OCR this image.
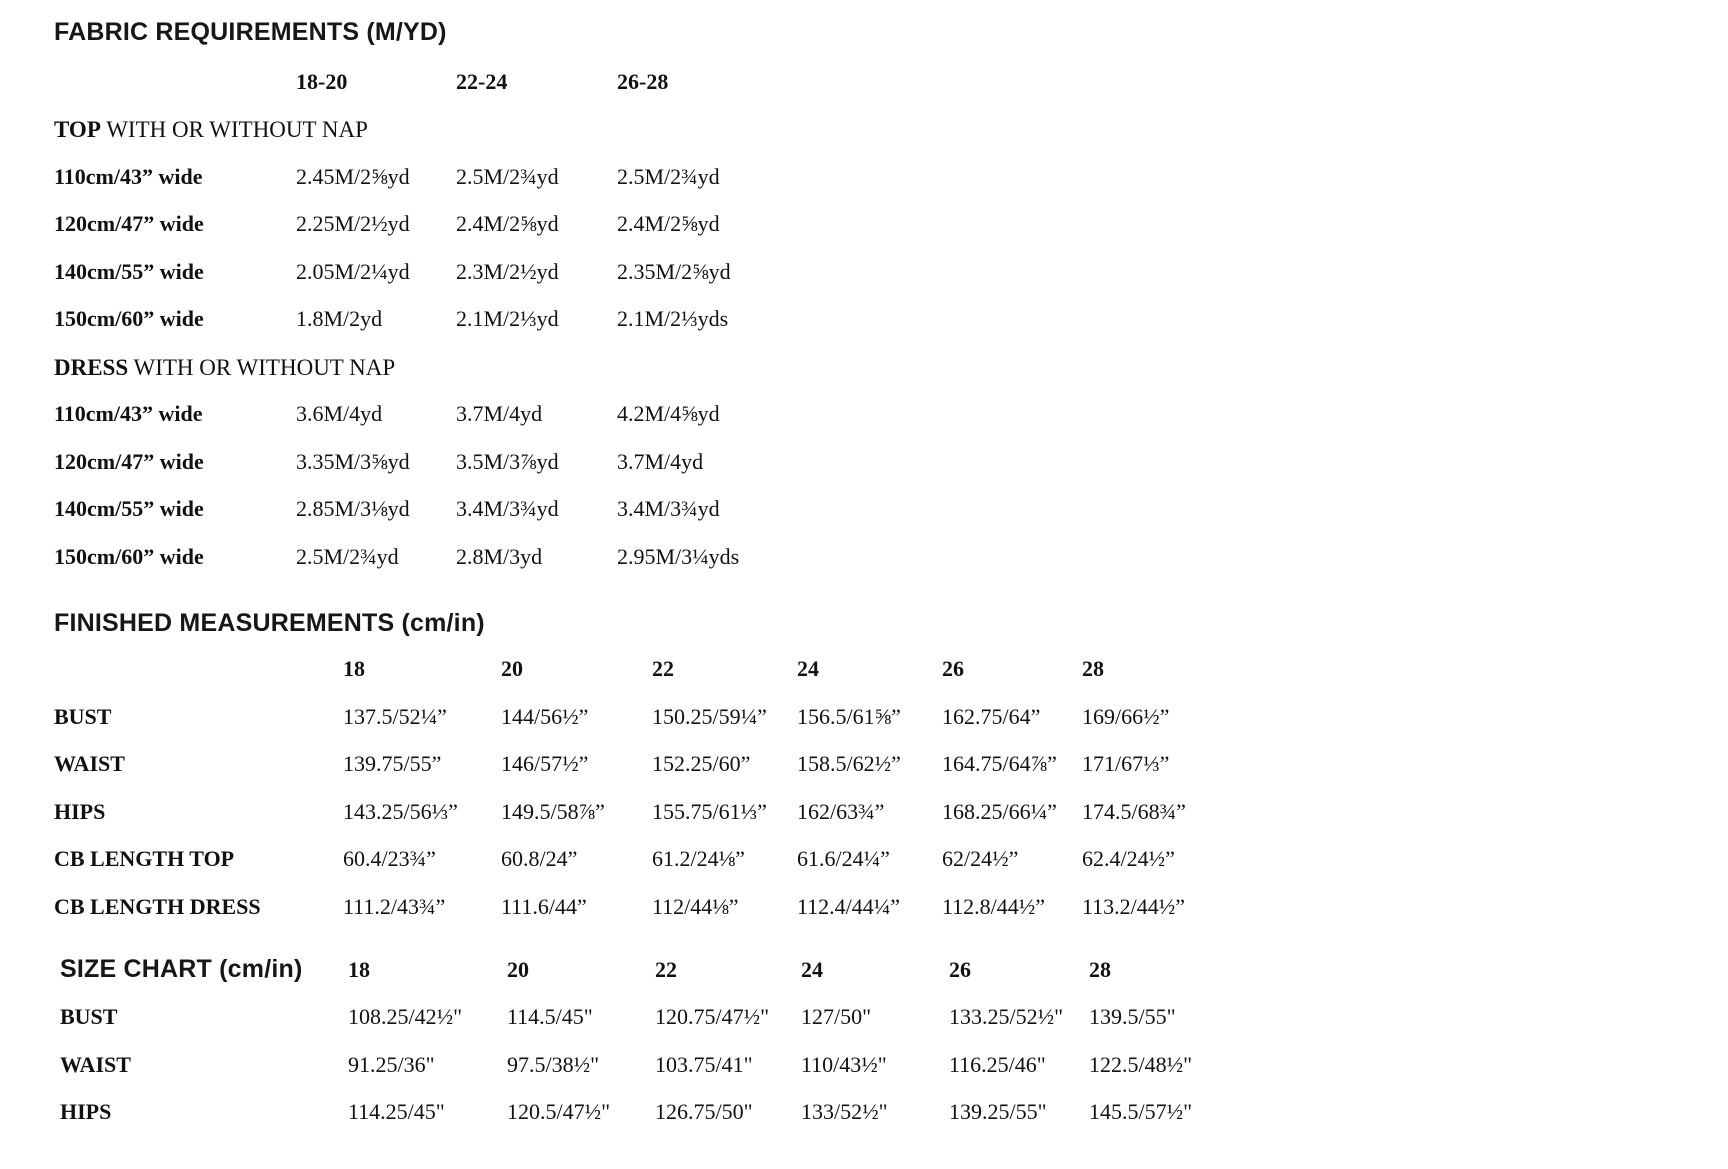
FABRIC REQUIREMENTS (M/YD)
18-20	22-24	26-28
TOP WITH OR WITHOUT NAP
110cm/43” wide	2.45M/2⅝yd	2.5M/2¾yd	2.5M/2¾yd
120cm/47” wide	2.25M/2½yd	2.4M/2⅝yd	2.4M/2⅝yd
140cm/55” wide	2.05M/2¼yd	2.3M/2½yd	2.35M/2⅝yd
150cm/60” wide	1.8M/2yd	2.1M/2⅓yd	2.1M/2⅓yds
DRESS WITH OR WITHOUT NAP
110cm/43” wide	3.6M/4yd	3.7M/4yd	4.2M/4⅝yd
120cm/47” wide	3.35M/3⅝yd	3.5M/3⅞yd	3.7M/4yd
140cm/55” wide	2.85M/3⅛yd	3.4M/3¾yd	3.4M/3¾yd
150cm/60” wide	2.5M/2¾yd	2.8M/3yd	2.95M/3¼yds
FINISHED MEASUREMENTS (cm/in)
18	20	22	24	26	28
BUST	137.5/52¼”	144/56½”	150.25/59¼”	156.5/61⅝”	162.75/64”	169/66½”
WAIST	139.75/55”	146/57½”	152.25/60”	158.5/62½”	164.75/64⅞”	171/67⅓”
HIPS	143.25/56⅓”	149.5/58⅞”	155.75/61⅓”	162/63¾”	168.25/66¼”	174.5/68¾”
CB LENGTH TOP	60.4/23¾”	60.8/24”	61.2/24⅛”	61.6/24¼”	62/24½”	62.4/24½”
CB LENGTH DRESS	111.2/43¾”	111.6/44”	112/44⅛”	112.4/44¼”	112.8/44½”	113.2/44½”
SIZE CHART (cm/in)	18	20	22	24	26	28
BUST	108.25/42½"	114.5/45"	120.75/47½"	127/50"	133.25/52½"	139.5/55"
WAIST	91.25/36"	97.5/38½"	103.75/41"	110/43½"	116.25/46"	122.5/48½"
HIPS	114.25/45"	120.5/47½"	126.75/50"	133/52½"	139.25/55"	145.5/57½"
